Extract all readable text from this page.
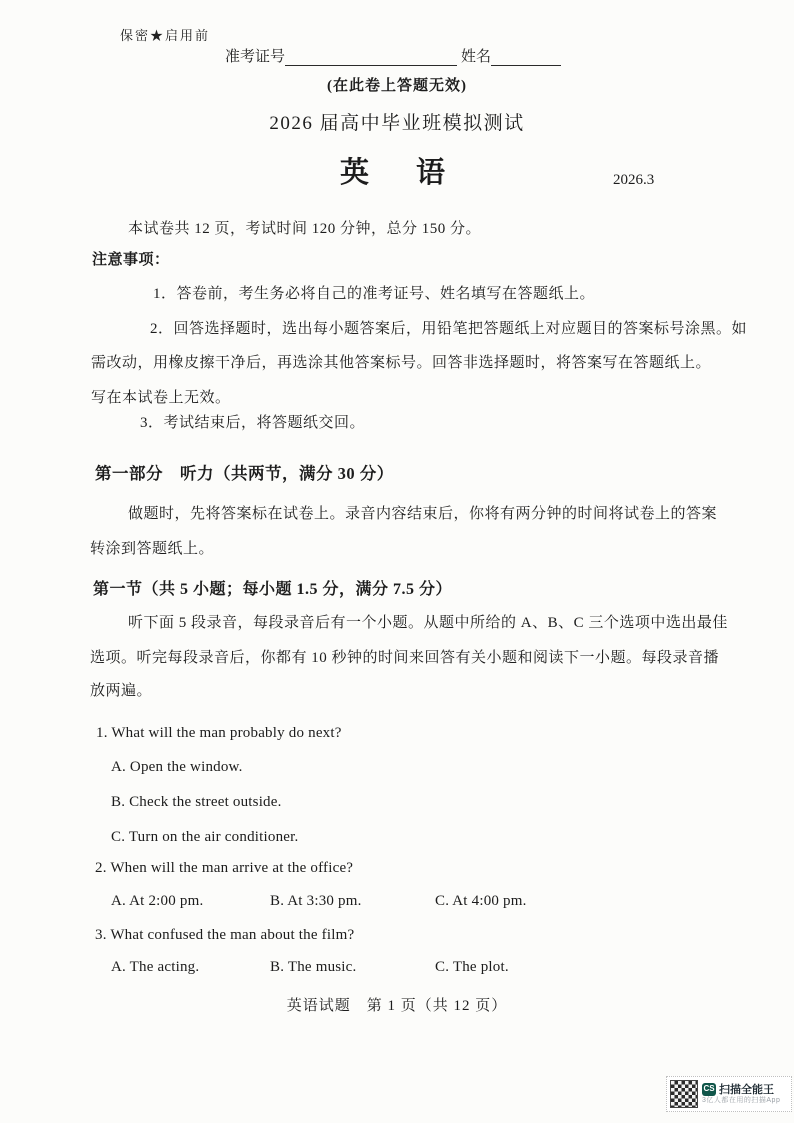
保密★启用前
准考证号	姓名
(在此卷上答题无效)
2026 届高中毕业班模拟测试
英　语	2026.3
本试卷共 12 页，考试时间 120 分钟，总分 150 分。
注意事项：
1．答卷前，考生务必将自己的准考证号、姓名填写在答题纸上。
2．回答选择题时，选出每小题答案后，用铅笔把答题纸上对应题目的答案标号涂黑。如
需改动，用橡皮擦干净后，再选涂其他答案标号。回答非选择题时，将答案写在答题纸上。
写在本试卷上无效。
3．考试结束后，将答题纸交回。
第一部分　听力（共两节，满分 30 分）
做题时，先将答案标在试卷上。录音内容结束后，你将有两分钟的时间将试卷上的答案
转涂到答题纸上。
第一节（共 5 小题；每小题 1.5 分，满分 7.5 分）
听下面 5 段录音，每段录音后有一个小题。从题中所给的 A、B、C 三个选项中选出最佳
选项。听完每段录音后，你都有 10 秒钟的时间来回答有关小题和阅读下一小题。每段录音播
放两遍。
1. What will the man probably do next?
A. Open the window.
B. Check the street outside.
C. Turn on the air conditioner.
2. When will the man arrive at the office?
A. At 2:00 pm.	B. At 3:30 pm.	C. At 4:00 pm.
3. What confused the man about the film?
A. The acting.	B. The music.	C. The plot.
英语试题　第 1 页（共 12 页）
CS 扫描全能王
3亿人都在用的扫描App
